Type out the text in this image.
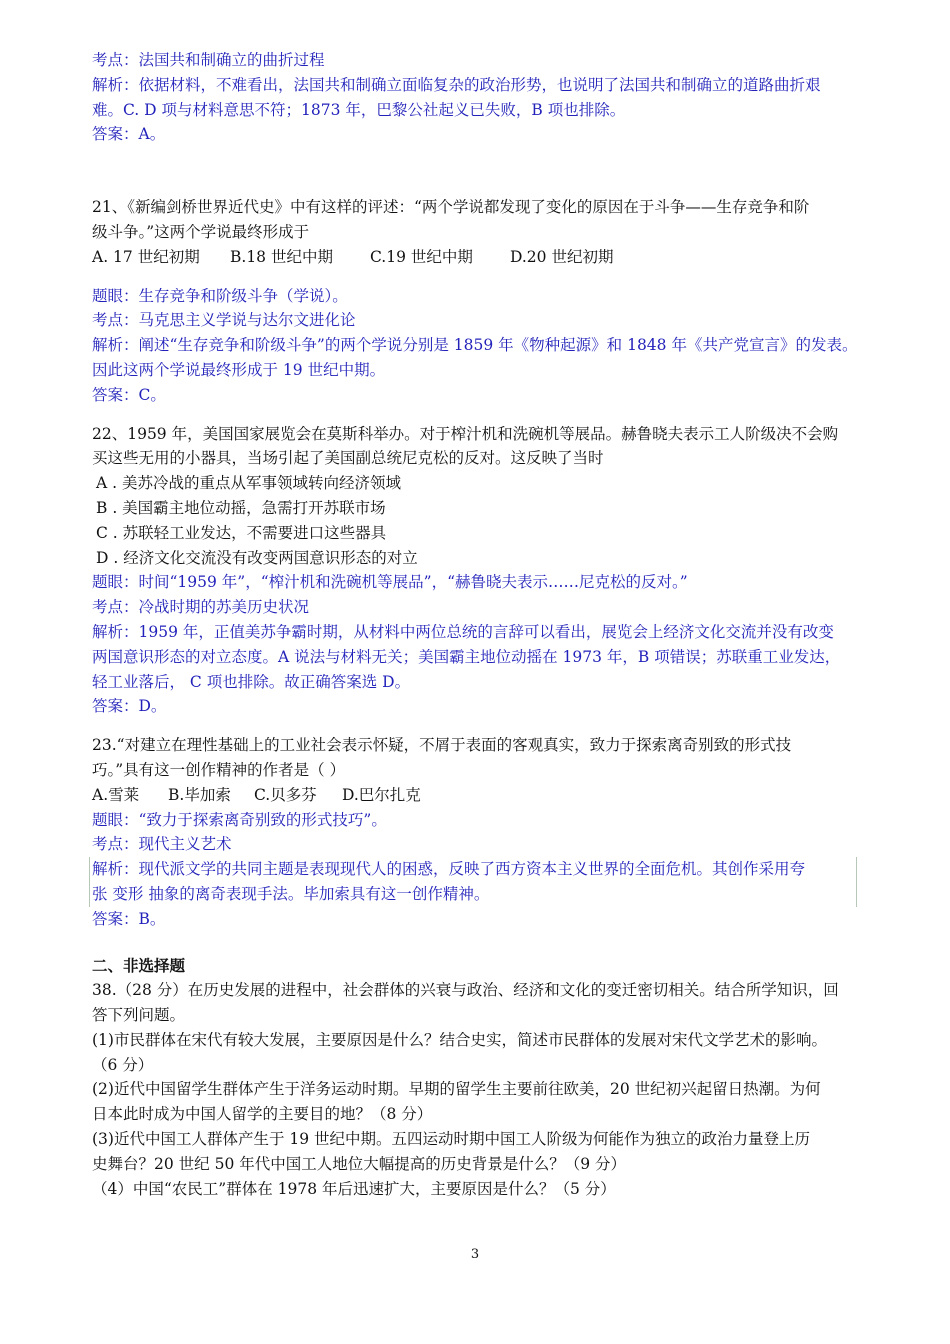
考点：法国共和制确立的曲折过程
解析：依据材料，不难看出，法国共和制确立面临复杂的政治形势，也说明了法国共和制确立的道路曲折艰
难。C. D 项与材料意思不符；1873 年，巴黎公社起义已失败，B 项也排除。
答案：A。
21、《新编剑桥世界近代史》中有这样的评述：“两个学说都发现了变化的原因在于斗争——生存竞争和阶
级斗争。”这两个学说最终形成于
A. 17 世纪初期 B.18 世纪中期 C.19 世纪中期 D.20 世纪初期
题眼：生存竞争和阶级斗争（学说）。
考点：马克思主义学说与达尔文进化论
解析：阐述“生存竞争和阶级斗争”的两个学说分别是 1859 年《物种起源》和 1848 年《共产党宣言》的发表。
因此这两个学说最终形成于 19 世纪中期。
答案：C。
22、1959 年，美国国家展览会在莫斯科举办。对于榨汁机和洗碗机等展品。赫鲁晓夫表示工人阶级决不会购
买这些无用的小器具，当场引起了美国副总统尼克松的反对。这反映了当时
A . 美苏冷战的重点从军事领域转向经济领域
B . 美国霸主地位动摇，急需打开苏联市场
C . 苏联轻工业发达，不需要进口这些器具
D . 经济文化交流没有改变两国意识形态的对立
题眼：时间“1959 年”，“榨汁机和洗碗机等展品”，“赫鲁晓夫表示……尼克松的反对。”
考点：冷战时期的苏美历史状况
解析：1959 年，正值美苏争霸时期，从材料中两位总统的言辞可以看出，展览会上经济文化交流并没有改变
两国意识形态的对立态度。A 说法与材料无关；美国霸主地位动摇在 1973 年，B 项错误；苏联重工业发达，
轻工业落后， C 项也排除。故正确答案选 D。
答案：D。
23.“对建立在理性基础上的工业社会表示怀疑，不屑于表面的客观真实，致力于探索离奇别致的形式技
巧。”具有这一创作精神的作者是（ ）
A.雪莱 B.毕加索 C.贝多芬 D.巴尔扎克
题眼：“致力于探索离奇别致的形式技巧”。
考点：现代主义艺术
解析：现代派文学的共同主题是表现现代人的困惑，反映了西方资本主义世界的全面危机。其创作采用夸
张 变形 抽象的离奇表现手法。毕加索具有这一创作精神。
答案：B。
二、非选择题
38.（28 分）在历史发展的进程中，社会群体的兴衰与政治、经济和文化的变迁密切相关。结合所学知识，回
答下列问题。
(1)市民群体在宋代有较大发展，主要原因是什么？结合史实，简述市民群体的发展对宋代文学艺术的影响。
（6 分）
(2)近代中国留学生群体产生于洋务运动时期。早期的留学生主要前往欧美，20 世纪初兴起留日热潮。为何
日本此时成为中国人留学的主要目的地？（8 分）
(3)近代中国工人群体产生于 19 世纪中期。五四运动时期中国工人阶级为何能作为独立的政治力量登上历
史舞台？20 世纪 50 年代中国工人地位大幅提高的历史背景是什么？（9 分）
（4）中国“农民工”群体在 1978 年后迅速扩大，主要原因是什么？（5 分）
3
